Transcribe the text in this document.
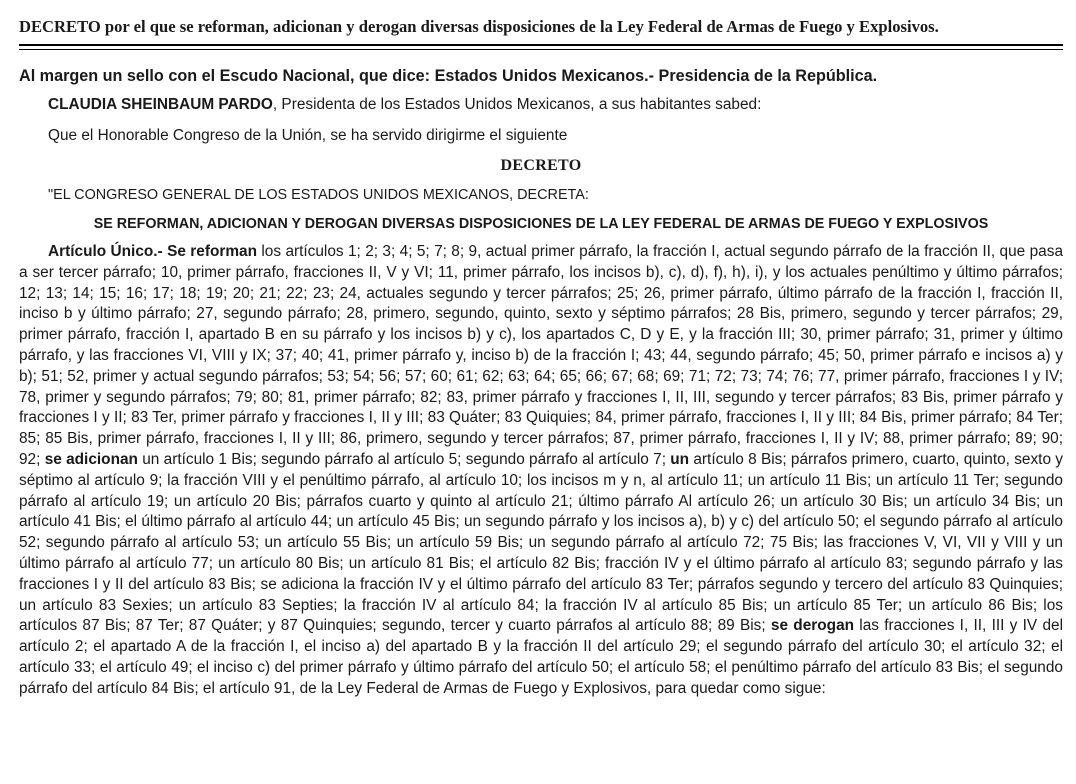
DECRETO por el que se reforman, adicionan y derogan diversas disposiciones de la Ley Federal de Armas de Fuego y Explosivos.

Al margen un sello con el Escudo Nacional, que dice: Estados Unidos Mexicanos.- Presidencia de la República.

CLAUDIA SHEINBAUM PARDO, Presidenta de los Estados Unidos Mexicanos, a sus habitantes sabed:

Que el Honorable Congreso de la Unión, se ha servido dirigirme el siguiente

DECRETO

"EL CONGRESO GENERAL DE LOS ESTADOS UNIDOS MEXICANOS, DECRETA:

SE REFORMAN, ADICIONAN Y DEROGAN DIVERSAS DISPOSICIONES DE LA LEY FEDERAL DE ARMAS DE FUEGO Y EXPLOSIVOS

Artículo Único.- Se reforman los artículos 1; 2; 3; 4; 5; 7; 8; 9, actual primer párrafo, la fracción I, actual segundo párrafo de la fracción II, que pasa a ser tercer párrafo; 10, primer párrafo, fracciones II, V y VI; 11, primer párrafo, los incisos b), c), d), f), h), i), y los actuales penúltimo y último párrafos; 12; 13; 14; 15; 16; 17; 18; 19; 20; 21; 22; 23; 24, actuales segundo y tercer párrafos; 25; 26, primer párrafo, último párrafo de la fracción I, fracción II, inciso b y último párrafo; 27, segundo párrafo; 28, primero, segundo, quinto, sexto y séptimo párrafos; 28 Bis, primero, segundo y tercer párrafos; 29, primer párrafo, fracción I, apartado B en su párrafo y los incisos b) y c), los apartados C, D y E, y la fracción III; 30, primer párrafo; 31, primer y último párrafo, y las fracciones VI, VIII y IX; 37; 40; 41, primer párrafo y, inciso b) de la fracción I; 43; 44, segundo párrafo; 45; 50, primer párrafo e incisos a) y b); 51; 52, primer y actual segundo párrafos; 53; 54; 56; 57; 60; 61; 62; 63; 64; 65; 66; 67; 68; 69; 71; 72; 73; 74; 76; 77, primer párrafo, fracciones I y IV; 78, primer y segundo párrafos; 79; 80; 81, primer párrafo; 82; 83, primer párrafo y fracciones I, II, III, segundo y tercer párrafos; 83 Bis, primer párrafo y fracciones I y II; 83 Ter, primer párrafo y fracciones I, II y III; 83 Quáter; 83 Quiquies; 84, primer párrafo, fracciones I, II y III; 84 Bis, primer párrafo; 84 Ter; 85; 85 Bis, primer párrafo, fracciones I, II y III; 86, primero, segundo y tercer párrafos; 87, primer párrafo, fracciones I, II y IV; 88, primer párrafo; 89; 90; 92; se adicionan un artículo 1 Bis; segundo párrafo al artículo 5; segundo párrafo al artículo 7; un artículo 8 Bis; párrafos primero, cuarto, quinto, sexto y séptimo al artículo 9; la fracción VIII y el penúltimo párrafo, al artículo 10; los incisos m y n, al artículo 11; un artículo 11 Bis; un artículo 11 Ter; segundo párrafo al artículo 19; un artículo 20 Bis; párrafos cuarto y quinto al artículo 21; último párrafo Al artículo 26; un artículo 30 Bis; un artículo 34 Bis; un artículo 41 Bis; el último párrafo al artículo 44; un artículo 45 Bis; un segundo párrafo y los incisos a), b) y c) del artículo 50; el segundo párrafo al artículo 52; segundo párrafo al artículo 53; un artículo 55 Bis; un artículo 59 Bis; un segundo párrafo al artículo 72; 75 Bis; las fracciones V, VI, VII y VIII y un último párrafo al artículo 77; un artículo 80 Bis; un artículo 81 Bis; el artículo 82 Bis; fracción IV y el último párrafo al artículo 83; segundo párrafo y las fracciones I y II del artículo 83 Bis; se adiciona la fracción IV y el último párrafo del artículo 83 Ter; párrafos segundo y tercero del artículo 83 Quinquies; un artículo 83 Sexies; un artículo 83 Septies; la fracción IV al artículo 84; la fracción IV al artículo 85 Bis; un artículo 85 Ter; un artículo 86 Bis; los artículos 87 Bis; 87 Ter; 87 Quáter; y 87 Quinquies; segundo, tercer y cuarto párrafos al artículo 88; 89 Bis; se derogan las fracciones I, II, III y IV del artículo 2; el apartado A de la fracción I, el inciso a) del apartado B y la fracción II del artículo 29; el segundo párrafo del artículo 30; el artículo 32; el artículo 33; el artículo 49; el inciso c) del primer párrafo y último párrafo del artículo 50; el artículo 58; el penúltimo párrafo del artículo 83 Bis; el segundo párrafo del artículo 84 Bis; el artículo 91, de la Ley Federal de Armas de Fuego y Explosivos, para quedar como sigue:
